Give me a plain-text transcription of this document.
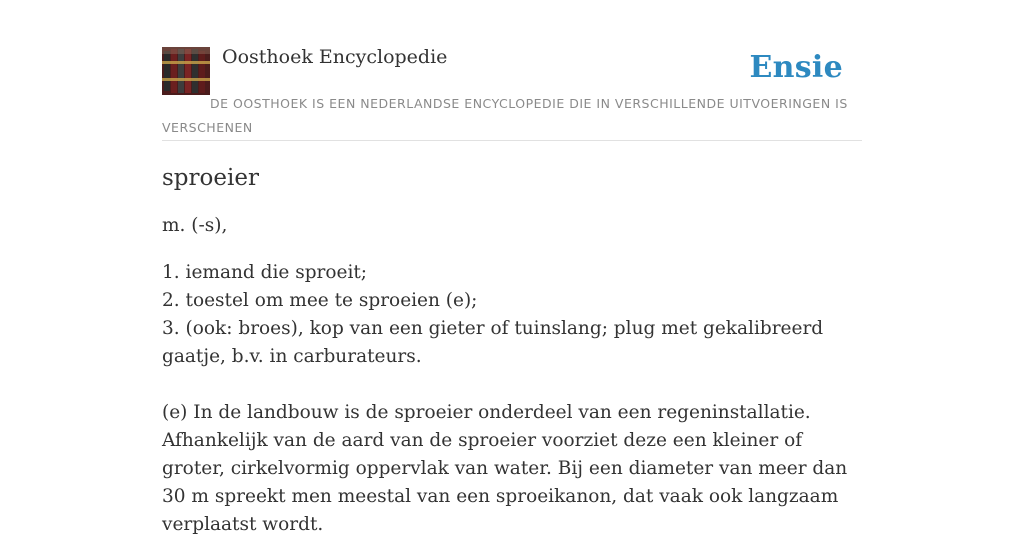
Oosthoek Encyclopedie	Ensie
DE OOSTHOEK IS EEN NEDERLANDSE ENCYCLOPEDIE DIE IN VERSCHILLENDE UITVOERINGEN IS VERSCHENEN
sproeier
m. (-s),
1. iemand die sproeit;
2. toestel om mee te sproeien (e);
3. (ook: broes), kop van een gieter of tuinslang; plug met gekalibreerd gaatje, b.v. in carburateurs.
(e) In de landbouw is de sproeier onderdeel van een regeninstallatie. Afhankelijk van de aard van de sproeier voorziet deze een kleiner of groter, cirkelvormig oppervlak van water. Bij een diameter van meer dan 30 m spreekt men meestal van een sproeikanon, dat vaak ook langzaam verplaatst wordt.
